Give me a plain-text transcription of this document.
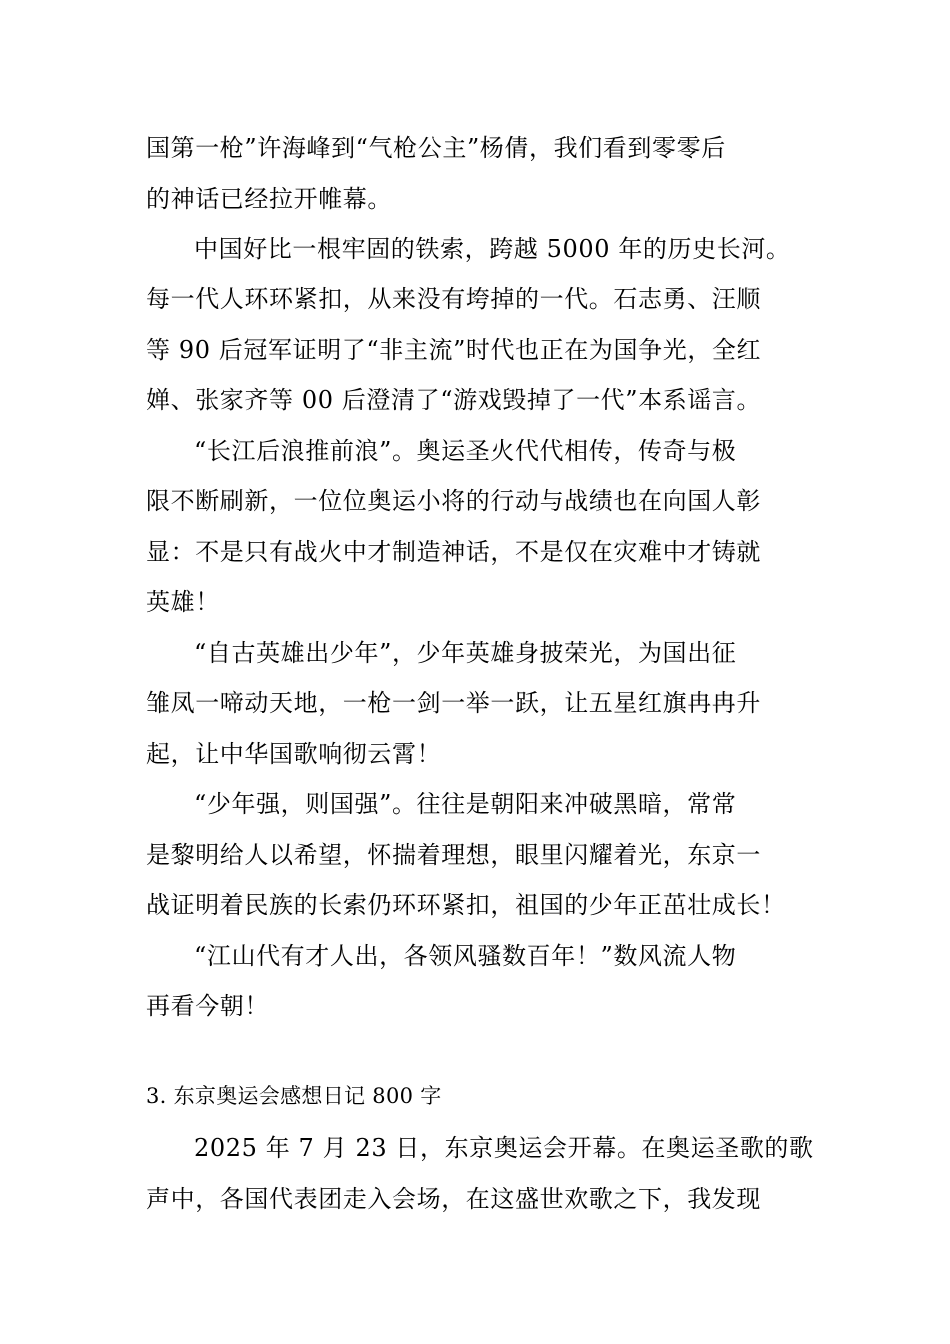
国第一枪”许海峰到“气枪公主”杨倩，我们看到零零后
的神话已经拉开帷幕。
中国好比一根牢固的铁索，跨越 5000 年的历史长河。
每一代人环环紧扣，从来没有垮掉的一代。石志勇、汪顺
等 90 后冠军证明了“非主流”时代也正在为国争光，全红
婵、张家齐等 00 后澄清了“游戏毁掉了一代”本系谣言。
“长江后浪推前浪”。奥运圣火代代相传，传奇与极
限不断刷新，一位位奥运小将的行动与战绩也在向国人彰
显：不是只有战火中才制造神话，不是仅在灾难中才铸就
英雄！
“自古英雄出少年”，少年英雄身披荣光，为国出征
雏凤一啼动天地，一枪一剑一举一跃，让五星红旗冉冉升
起，让中华国歌响彻云霄！
“少年强，则国强”。往往是朝阳来冲破黑暗，常常
是黎明给人以希望，怀揣着理想，眼里闪耀着光，东京一
战证明着民族的长索仍环环紧扣，祖国的少年正茁壮成长！
“江山代有才人出，各领风骚数百年！”数风流人物
再看今朝！
3. 东京奥运会感想日记 800 字
2025 年 7 月 23 日，东京奥运会开幕。在奥运圣歌的歌
声中，各国代表团走入会场，在这盛世欢歌之下，我发现
